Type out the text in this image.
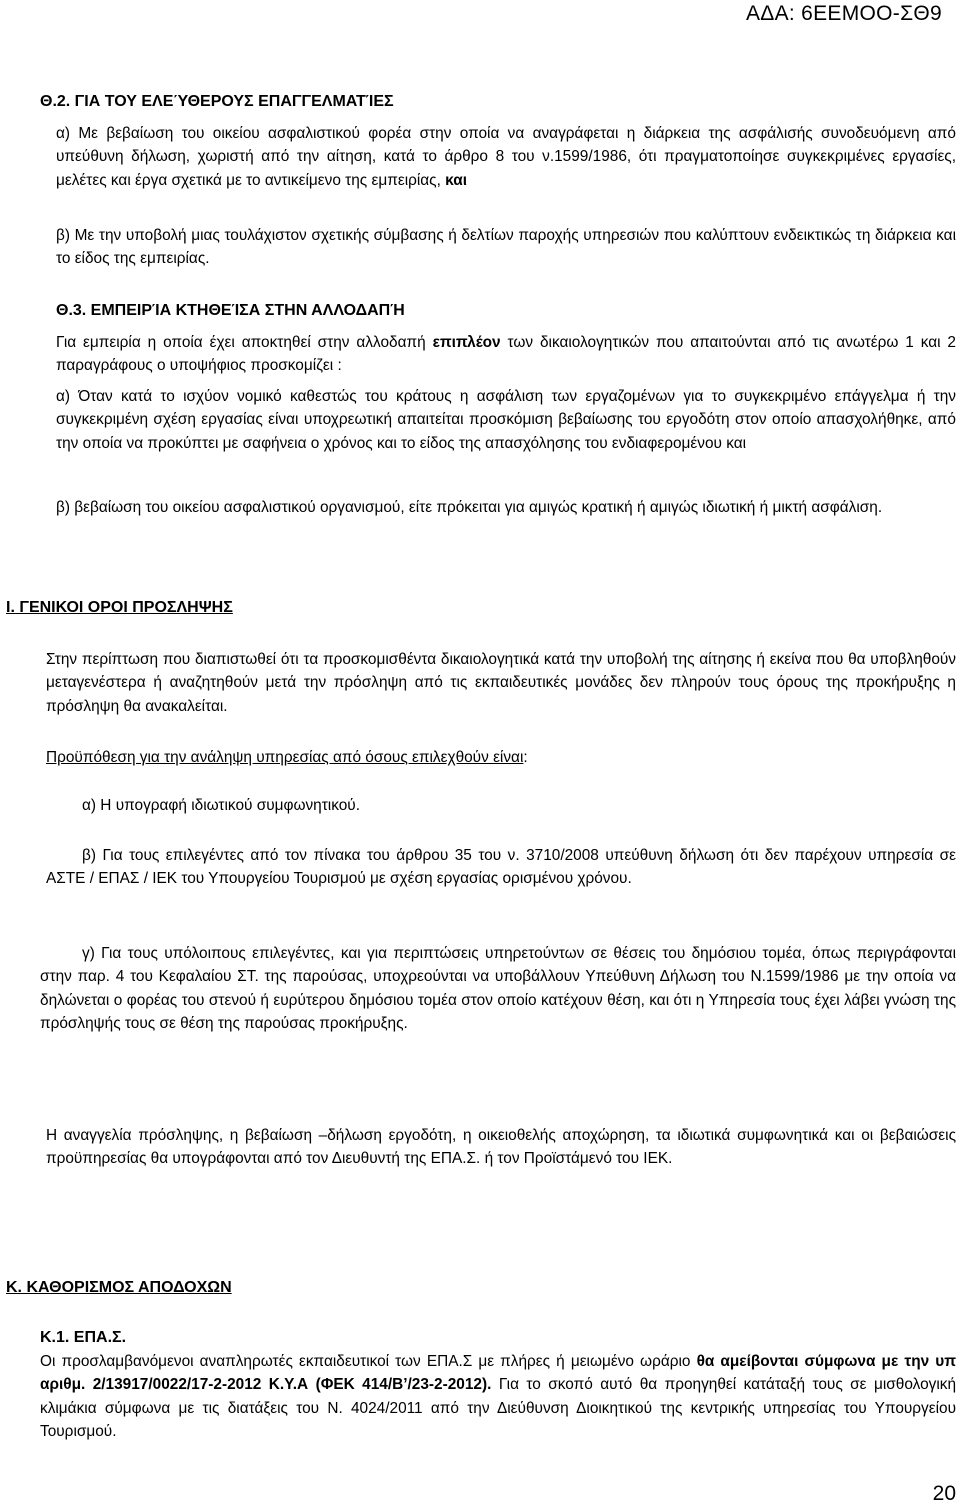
ΑΔΑ: 6ΕΕΜΟΟ-ΣΘ9
Θ.2. ΓΙΑ ΤΟΥ ΕΛΕΎΘΕΡΟΥΣ ΕΠΑΓΓΕΛΜΑΤΊΕΣ
α) Με βεβαίωση του οικείου ασφαλιστικού φορέα στην οποία να αναγράφεται η διάρκεια της ασφάλισής συνοδευόμενη από υπεύθυνη δήλωση, χωριστή από την αίτηση, κατά το άρθρο 8 του ν.1599/1986, ότι πραγματοποίησε συγκεκριμένες εργασίες, μελέτες και έργα σχετικά με το αντικείμενο της εμπειρίας, και
β) Με την υποβολή μιας τουλάχιστον σχετικής σύμβασης ή δελτίων παροχής υπηρεσιών που καλύπτουν ενδεικτικώς τη διάρκεια και το είδος της εμπειρίας.
Θ.3. ΕΜΠΕΙΡΊΑ ΚΤΗΘΕΊΣΑ ΣΤΗΝ ΑΛΛΟΔΑΠΉ
Για εμπειρία η οποία έχει αποκτηθεί στην αλλοδαπή επιπλέον των δικαιολογητικών που απαιτούνται από τις ανωτέρω 1 και 2 παραγράφους ο υποψήφιος προσκομίζει :
α) Όταν κατά το ισχύον νομικό καθεστώς του κράτους η ασφάλιση των εργαζομένων για το συγκεκριμένο επάγγελμα ή την συγκεκριμένη σχέση εργασίας είναι υποχρεωτική απαιτείται προσκόμιση βεβαίωσης του εργοδότη στον οποίο απασχολήθηκε, από την οποία να προκύπτει με σαφήνεια ο χρόνος και το είδος της απασχόλησης του ενδιαφερομένου και
β) βεβαίωση του οικείου ασφαλιστικού οργανισμού, είτε πρόκειται για αμιγώς κρατική ή αμιγώς ιδιωτική ή μικτή ασφάλιση.
Ι. ΓΕΝΙΚΟΙ ΟΡΟΙ ΠΡΟΣΛΗΨΗΣ
Στην περίπτωση που διαπιστωθεί ότι τα προσκομισθέντα δικαιολογητικά κατά την υποβολή της αίτησης ή εκείνα που θα υποβληθούν μεταγενέστερα ή αναζητηθούν μετά την πρόσληψη από τις εκπαιδευτικές μονάδες δεν πληρούν τους όρους της προκήρυξης η πρόσληψη θα ανακαλείται.
Προϋπόθεση για την ανάληψη υπηρεσίας από όσους επιλεχθούν είναι:
α) Η υπογραφή ιδιωτικού συμφωνητικού.
β) Για τους επιλεγέντες από τον πίνακα του άρθρου 35 του ν. 3710/2008 υπεύθυνη δήλωση ότι δεν παρέχουν υπηρεσία σε ΑΣΤΕ / ΕΠΑΣ / ΙΕΚ του Υπουργείου Τουρισμού με σχέση εργασίας ορισμένου χρόνου.
γ) Για τους υπόλοιπους επιλεγέντες, και για περιπτώσεις υπηρετούντων σε θέσεις του δημόσιου τομέα, όπως περιγράφονται στην παρ. 4 του Κεφαλαίου ΣΤ. της παρούσας, υποχρεούνται να υποβάλλουν Υπεύθυνη Δήλωση του Ν.1599/1986 με την οποία να δηλώνεται ο φορέας του στενού ή ευρύτερου δημόσιου τομέα στον οποίο κατέχουν θέση, και ότι η Υπηρεσία τους έχει λάβει γνώση της πρόσληψής τους σε θέση της παρούσας προκήρυξης.
Η αναγγελία πρόσληψης, η βεβαίωση –δήλωση εργοδότη, η οικειοθελής αποχώρηση, τα ιδιωτικά συμφωνητικά και οι βεβαιώσεις προϋπηρεσίας θα υπογράφονται από τον Διευθυντή της ΕΠΑ.Σ. ή τον Προϊστάμενό του ΙΕΚ.
Κ. ΚΑΘΟΡΙΣΜΟΣ ΑΠΟΔΟΧΩΝ
Κ.1. ΕΠΑ.Σ.
Οι προσλαμβανόμενοι αναπληρωτές εκπαιδευτικοί των ΕΠΑ.Σ με πλήρες ή μειωμένο ωράριο θα αμείβονται σύμφωνα με την υπ αριθμ. 2/13917/0022/17-2-2012 Κ.Υ.Α (ΦΕΚ 414/Β’/23-2-2012). Για το σκοπό αυτό θα προηγηθεί κατάταξή τους σε μισθολογική κλιμάκια σύμφωνα με τις διατάξεις του Ν. 4024/2011 από την Διεύθυνση Διοικητικού της κεντρικής υπηρεσίας του Υπουργείου Τουρισμού.
20
